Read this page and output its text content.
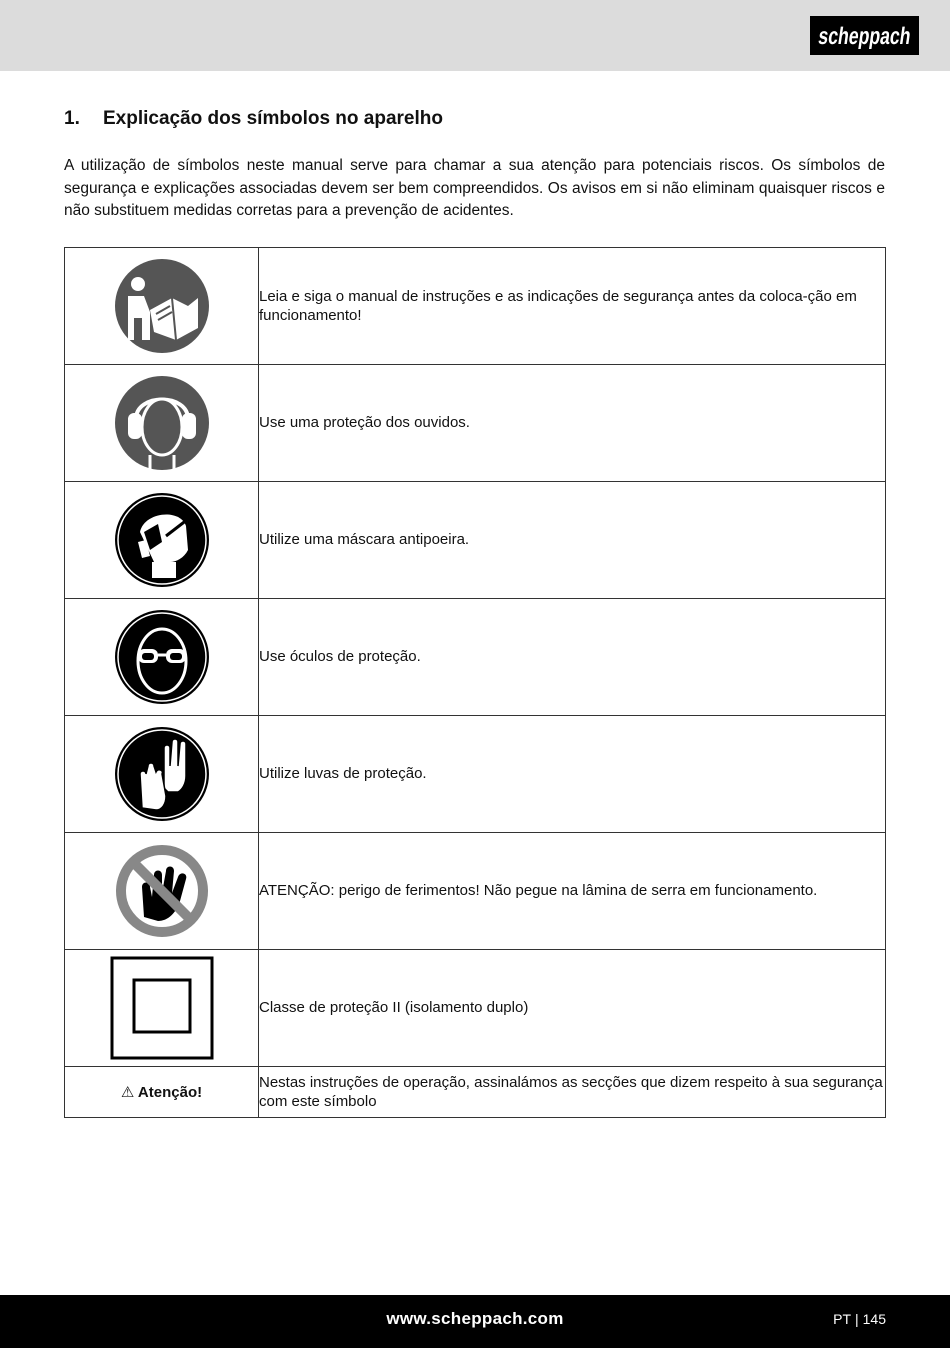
scheppach
1.	Explicação dos símbolos no aparelho

A utilização de símbolos neste manual serve para chamar a sua atenção para potenciais riscos. Os símbolos de segurança e explicações associadas devem ser bem compreendidos. Os avisos em si não eliminam quaisquer riscos e não substituem medidas corretas para a prevenção de acidentes.

	Leia e siga o manual de instruções e as indicações de segurança antes da coloca-ção em funcionamento!

	Use uma proteção dos ouvidos.

	Utilize uma máscara antipoeira.

	Use óculos de proteção.

	Utilize luvas de proteção.

	ATENÇÃO: perigo de ferimentos! Não pegue na lâmina de serra em funcionamento.

	Classe de proteção II (isolamento duplo)
⚠ Atenção!	Nestas instruções de operação, assinalámos as secções que dizem respeito à sua segurança com este símbolo
www.scheppach.com	PT | 145
